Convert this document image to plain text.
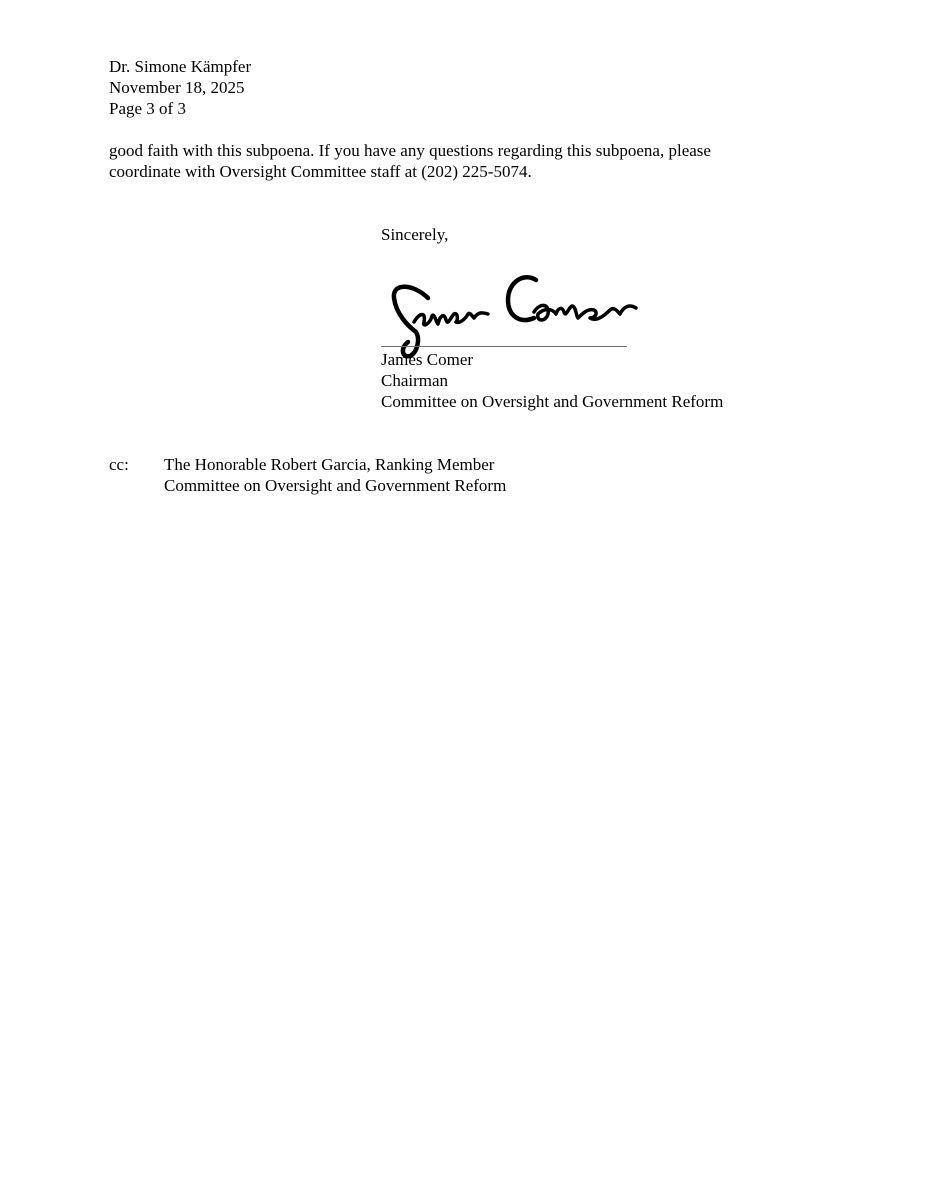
Dr. Simone Kämpfer
November 18, 2025
Page 3 of 3
good faith with this subpoena. If you have any questions regarding this subpoena, please
coordinate with Oversight Committee staff at (202) 225-5074.
Sincerely,
James Comer
Chairman
Committee on Oversight and Government Reform
cc: The Honorable Robert Garcia, Ranking Member
Committee on Oversight and Government Reform
